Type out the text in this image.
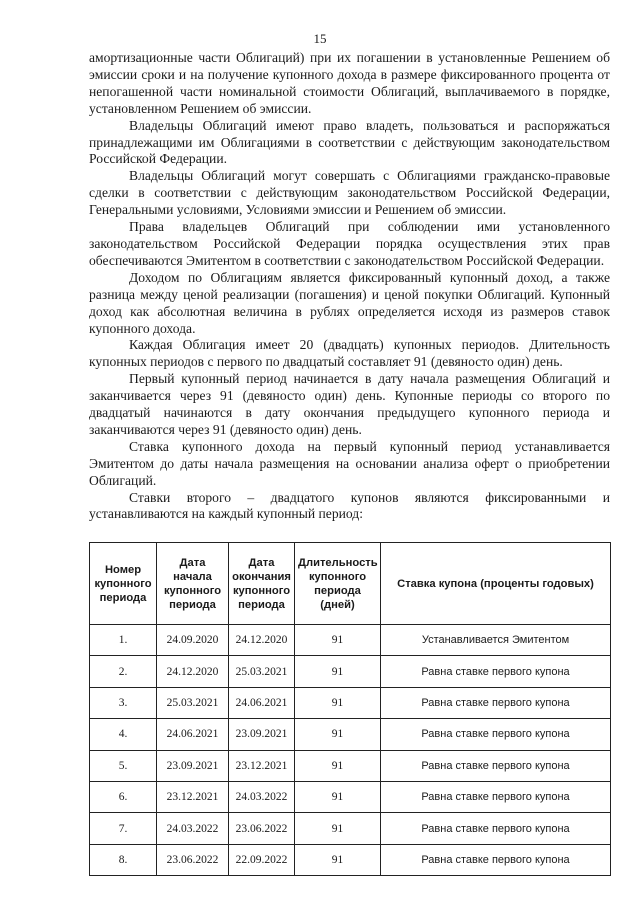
15

амортизационные части Облигаций) при их погашении в установленные Решением об эмиссии сроки и на получение купонного дохода в размере фиксированного процента от непогашенной части номинальной стоимости Облигаций, выплачиваемого в порядке, установленном Решением об эмиссии.

Владельцы Облигаций имеют право владеть, пользоваться и распоряжаться принадлежащими им Облигациями в соответствии с действующим законодательством Российской Федерации.

Владельцы Облигаций могут совершать с Облигациями гражданско-правовые сделки в соответствии с действующим законодательством Российской Федерации, Генеральными условиями, Условиями эмиссии и Решением об эмиссии.

Права владельцев Облигаций при соблюдении ими установленного законодательством Российской Федерации порядка осуществления этих прав обеспечиваются Эмитентом в соответствии с законодательством Российской Федерации.

Доходом по Облигациям является фиксированный купонный доход, а также разница между ценой реализации (погашения) и ценой покупки Облигаций. Купонный доход как абсолютная величина в рублях определяется исходя из размеров ставок купонного дохода.

Каждая Облигация имеет 20 (двадцать) купонных периодов. Длительность купонных периодов с первого по двадцатый составляет 91 (девяносто один) день.

Первый купонный период начинается в дату начала размещения Облигаций и заканчивается через 91 (девяносто один) день. Купонные периоды со второго по двадцатый начинаются в дату окончания предыдущего купонного периода и заканчиваются через 91 (девяносто один) день.

Ставка купонного дохода на первый купонный период устанавливается Эмитентом до даты начала размещения на основании анализа оферт о приобретении Облигаций.

Ставки второго – двадцатого купонов являются фиксированными и устанавливаются на каждый купонный период:

Номер купонного периода	Дата начала купонного периода	Дата окончания купонного периода	Длительность купонного периода (дней)	Ставка купона (проценты годовых)
1.	24.09.2020	24.12.2020	91	Устанавливается Эмитентом
2.	24.12.2020	25.03.2021	91	Равна ставке первого купона
3.	25.03.2021	24.06.2021	91	Равна ставке первого купона
4.	24.06.2021	23.09.2021	91	Равна ставке первого купона
5.	23.09.2021	23.12.2021	91	Равна ставке первого купона
6.	23.12.2021	24.03.2022	91	Равна ставке первого купона
7.	24.03.2022	23.06.2022	91	Равна ставке первого купона
8.	23.06.2022	22.09.2022	91	Равна ставке первого купона
